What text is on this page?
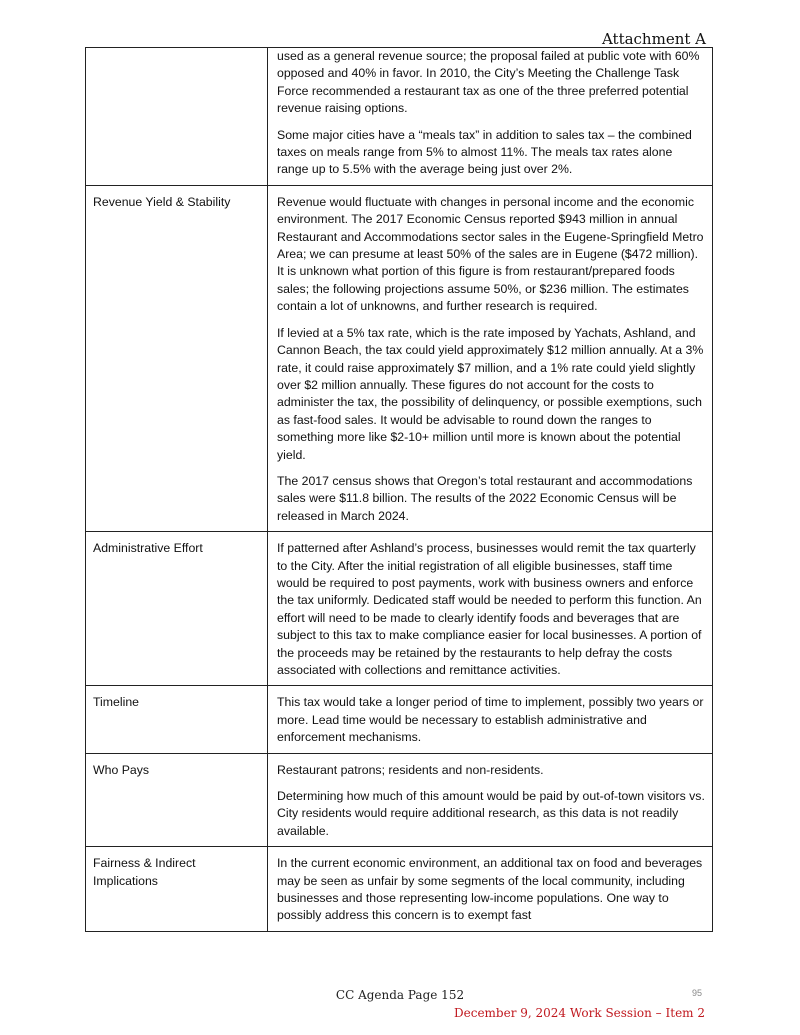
Attachment A

	used as a general revenue source; the proposal failed at public vote with 60% opposed and 40% in favor. In 2010, the City’s Meeting the Challenge Task Force recommended a restaurant tax as one of the three preferred potential revenue raising options.

Some major cities have a “meals tax” in addition to sales tax – the combined taxes on meals range from 5% to almost 11%. The meals tax rates alone range up to 5.5% with the average being just over 2%.

Revenue Yield & Stability	Revenue would fluctuate with changes in personal income and the economic environment. The 2017 Economic Census reported $943 million in annual Restaurant and Accommodations sector sales in the Eugene-Springfield Metro Area; we can presume at least 50% of the sales are in Eugene ($472 million). It is unknown what portion of this figure is from restaurant/prepared foods sales; the following projections assume 50%, or $236 million. The estimates contain a lot of unknowns, and further research is required.

If levied at a 5% tax rate, which is the rate imposed by Yachats, Ashland, and Cannon Beach, the tax could yield approximately $12 million annually. At a 3% rate, it could raise approximately $7 million, and a 1% rate could yield slightly over $2 million annually. These figures do not account for the costs to administer the tax, the possibility of delinquency, or possible exemptions, such as fast-food sales. It would be advisable to round down the ranges to something more like $2-10+ million until more is known about the potential yield.

The 2017 census shows that Oregon’s total restaurant and accommodations sales were $11.8 billion. The results of the 2022 Economic Census will be released in March 2024.

Administrative Effort	If patterned after Ashland’s process, businesses would remit the tax quarterly to the City. After the initial registration of all eligible businesses, staff time would be required to post payments, work with business owners and enforce the tax uniformly. Dedicated staff would be needed to perform this function. An effort will need to be made to clearly identify foods and beverages that are subject to this tax to make compliance easier for local businesses. A portion of the proceeds may be retained by the restaurants to help defray the costs associated with collections and remittance activities.

Timeline	This tax would take a longer period of time to implement, possibly two years or more. Lead time would be necessary to establish administrative and enforcement mechanisms.

Who Pays	Restaurant patrons; residents and non-residents.

Determining how much of this amount would be paid by out-of-town visitors vs. City residents would require additional research, as this data is not readily available.

Fairness & Indirect Implications	In the current economic environment, an additional tax on food and beverages may be seen as unfair by some segments of the local community, including businesses and those representing low-income populations. One way to possibly address this concern is to exempt fast

CC Agenda Page 152	95
December 9, 2024 Work Session – Item 2
